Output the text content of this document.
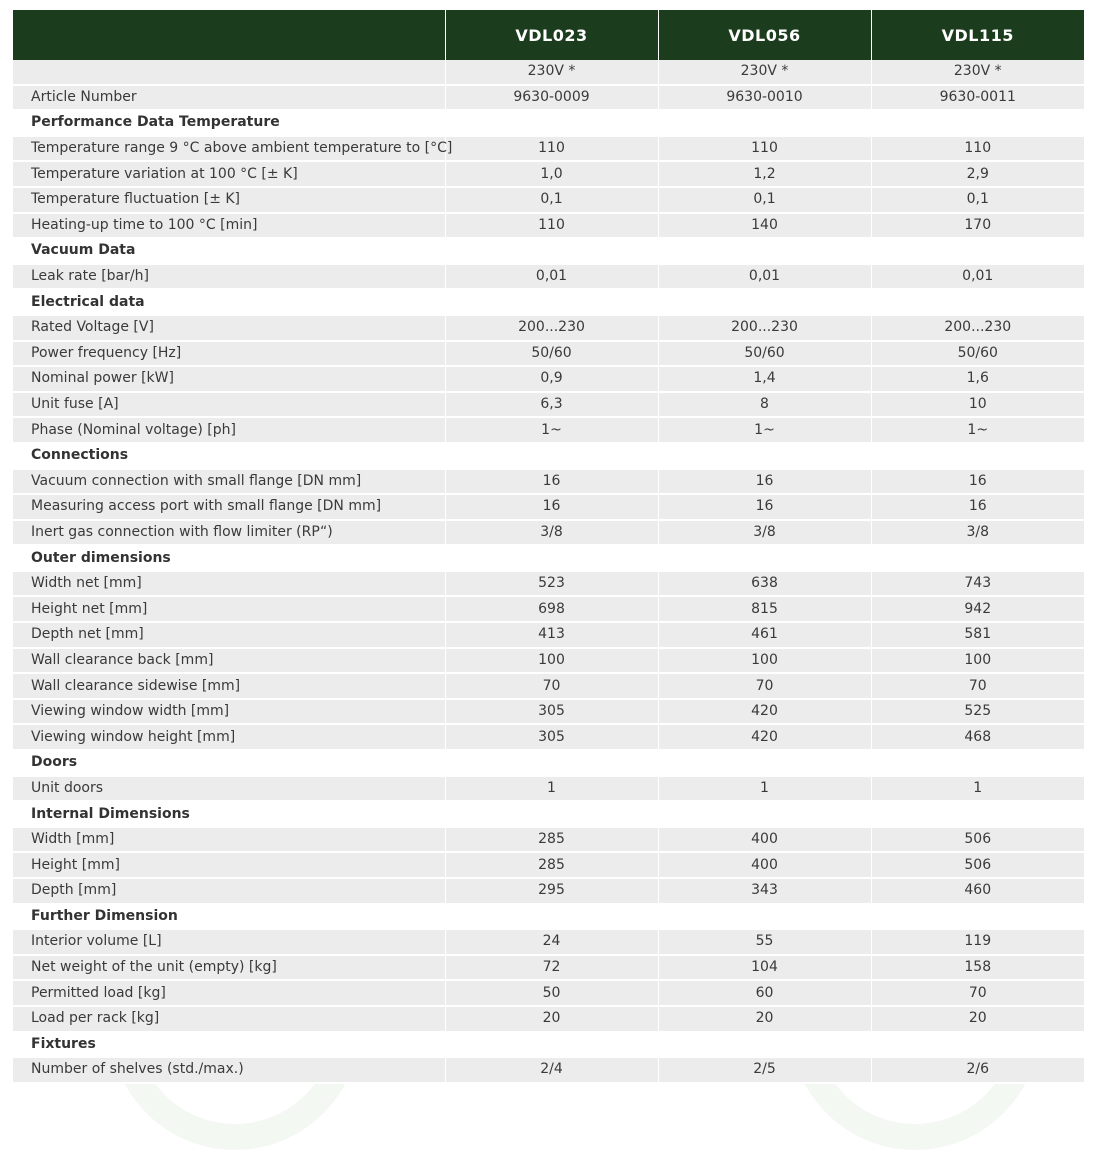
	VDL023	VDL056	VDL115
	230V *	230V *	230V *
Article Number	9630-0009	9630-0010	9630-0011
Performance Data Temperature			
Temperature range 9 °C above ambient temperature to [°C]	110	110	110
Temperature variation at 100 °C [± K]	1,0	1,2	2,9
Temperature fluctuation [± K]	0,1	0,1	0,1
Heating-up time to 100 °C [min]	110	140	170
Vacuum Data			
Leak rate [bar/h]	0,01	0,01	0,01
Electrical data			
Rated Voltage [V]	200...230	200...230	200...230
Power frequency [Hz]	50/60	50/60	50/60
Nominal power [kW]	0,9	1,4	1,6
Unit fuse [A]	6,3	8	10
Phase (Nominal voltage) [ph]	1~	1~	1~
Connections			
Vacuum connection with small flange [DN mm]	16	16	16
Measuring access port with small flange [DN mm]	16	16	16
Inert gas connection with flow limiter (RP“)	3/8	3/8	3/8
Outer dimensions			
Width net [mm]	523	638	743
Height net [mm]	698	815	942
Depth net [mm]	413	461	581
Wall clearance back [mm]	100	100	100
Wall clearance sidewise [mm]	70	70	70
Viewing window width [mm]	305	420	525
Viewing window height [mm]	305	420	468
Doors			
Unit doors	1	1	1
Internal Dimensions			
Width [mm]	285	400	506
Height [mm]	285	400	506
Depth [mm]	295	343	460
Further Dimension			
Interior volume [L]	24	55	119
Net weight of the unit (empty) [kg]	72	104	158
Permitted load [kg]	50	60	70
Load per rack [kg]	20	20	20
Fixtures			
Number of shelves (std./max.)	2/4	2/5	2/6
